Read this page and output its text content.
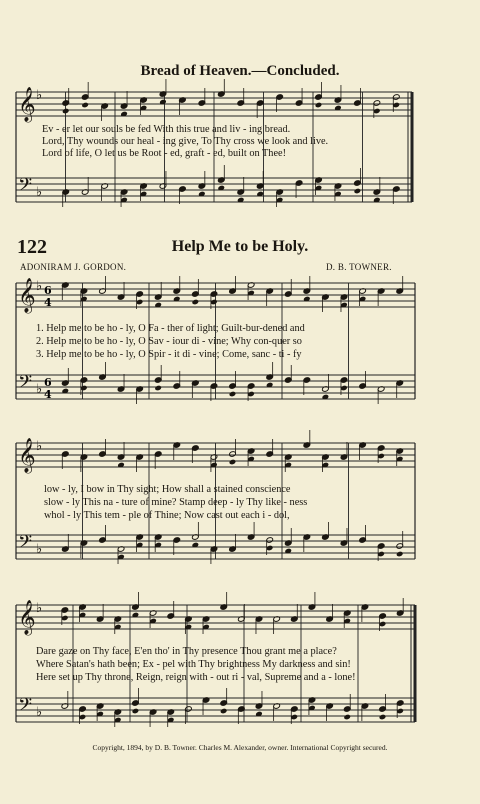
𝄞
𝄢
♭
♭
𝄞
𝄢
♭
♭
6
4
6
4
𝄞
𝄢
♭
♭
𝄞
𝄢
♭
♭
Bread of Heaven.—Concluded.
Ev - er let our souls be fed With this true and liv - ing bread.
Lord, Thy wounds our heal - ing give, To Thy cross we look and live.
Lord of life, O let us be Root - ed, graft - ed, built on Thee!
122	Help Me to be Holy.
ADONIRAM J. GORDON.	D. B. TOWNER.
1. Help me to be ho - ly, O Fa - ther of light; Guilt-bur-dened and
2. Help me to be ho - ly, O Sav - iour di - vine; Why con-quer so
3. Help me to be ho - ly, O Spir - it di - vine; Come, sanc - ti - fy
low - ly, I bow in Thy sight; How shall a stained conscience
slow - ly This na - ture of mine? Stamp deep - ly Thy like - ness
whol - ly This tem - ple of Thine; Now cast out each i - dol,
Dare gaze on Thy face, E'en tho' in Thy presence Thou grant me a place?
Where Satan's hath been; Ex - pel with Thy brightness My darkness and sin!
Here set up Thy throne, Reign, reign with - out ri - val, Supreme and a - lone!
Copyright, 1894, by D. B. Towner. Charles M. Alexander, owner. International Copyright secured.
